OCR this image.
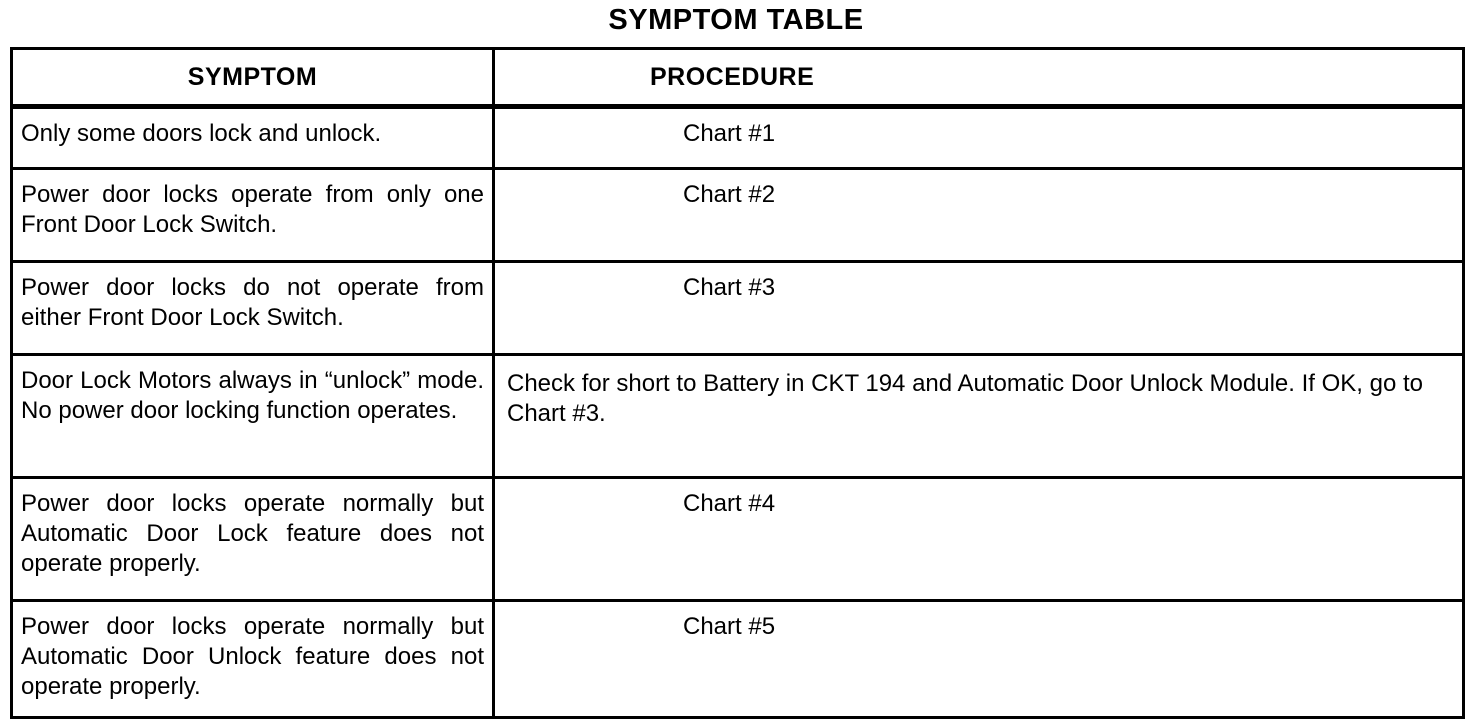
SYMPTOM TABLE
SYMPTOM	PROCEDURE
Only some doors lock and unlock.	Chart #1
Power door locks operate from only one Front Door Lock Switch.	Chart #2
Power door locks do not operate from either Front Door Lock Switch.	Chart #3
Door Lock Motors always in “unlock” mode. No power door locking function operates.	Check for short to Battery in CKT 194 and Automatic Door Unlock Module. If OK, go to Chart #3.
Power door locks operate normally but Automatic Door Lock feature does not operate properly.	Chart #4
Power door locks operate normally but Automatic Door Unlock feature does not operate properly.	Chart #5
